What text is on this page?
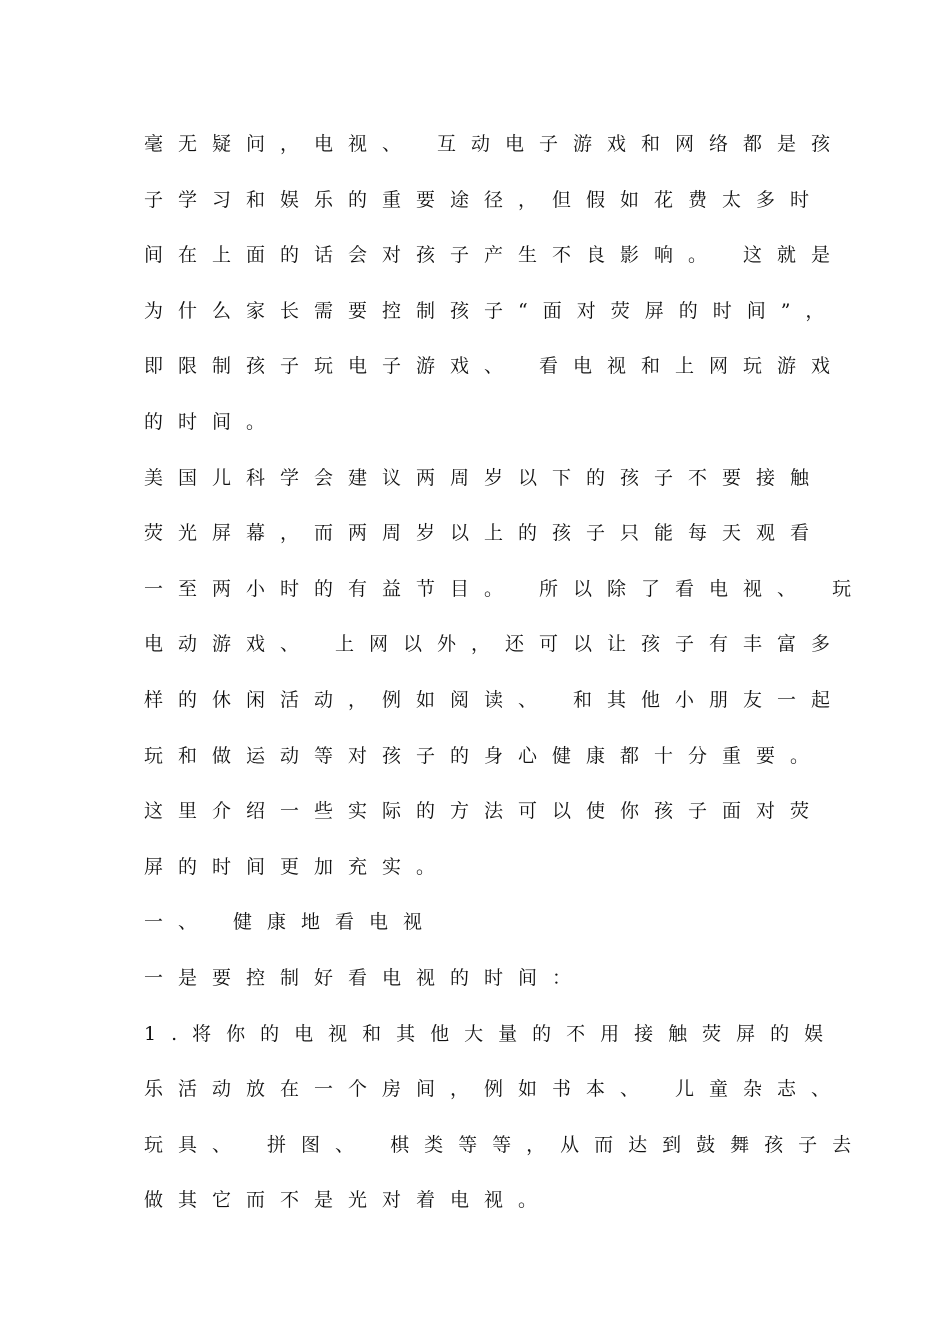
毫无疑问，电视、 互动电子游戏和网络都是孩

子学习和娱乐的重要途径，但假如花费太多时

间在上面的话会对孩子产生不良影响。 这就是

为什么家长需要控制孩子“面对荧屏的时间”，

即限制孩子玩电子游戏、 看电视和上网玩游戏

的时间。

美国儿科学会建议两周岁以下的孩子不要接触

荧光屏幕，而两周岁以上的孩子只能每天观看

一至两小时的有益节目。 所以除了看电视、 玩

电动游戏、 上网以外，还可以让孩子有丰富多

样的休闲活动，例如阅读、 和其他小朋友一起

玩和做运动等对孩子的身心健康都十分重要。

这里介绍一些实际的方法可以使你孩子面对荧

屏的时间更加充实。

一、 健康地看电视

一是要控制好看电视的时间：

1.将你的电视和其他大量的不用接触荧屏的娱

乐活动放在一个房间，例如书本、 儿童杂志、

玩具、 拼图、 棋类等等，从而达到鼓舞孩子去

做其它而不是光对着电视。
